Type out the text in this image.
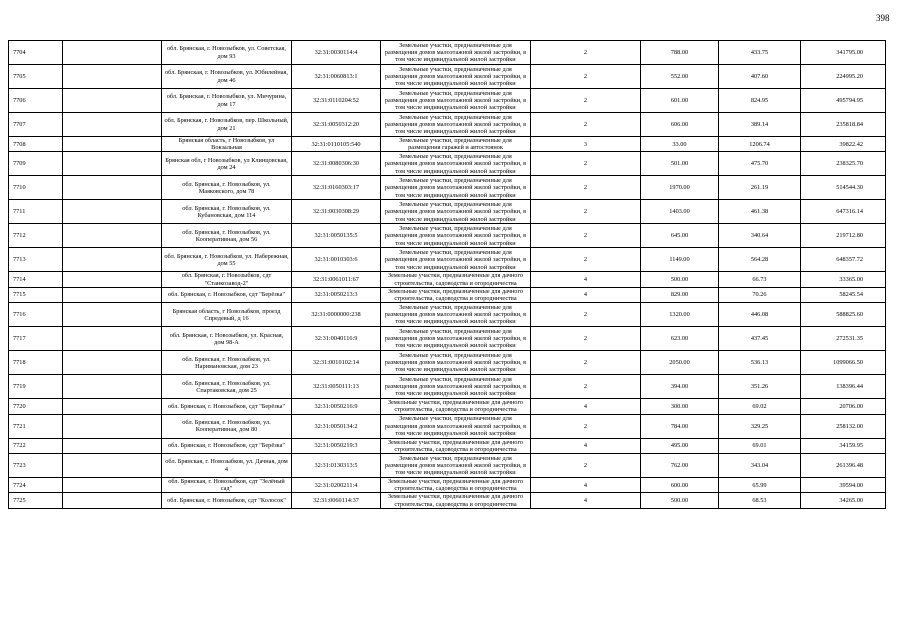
398
7704		обл. Брянская, г. Новозыбков, ул. Советская, дом 93	32:31:0030114:4	Земельные участки, предназначенные для размещения домов малоэтажной жилой застройки, в том числе индивидуальной жилой застройки	2	788.00	433.75	341795.00
7705		обл. Брянская, г. Новозыбков, ул. Юбилейная, дом 46	32:31:0060813:1	Земельные участки, предназначенные для размещения домов малоэтажной жилой застройки, в том числе индивидуальной жилой застройки	2	552.00	407.60	224995.20
7706		обл. Брянская, г. Новозыбков, ул. Мичурина, дом 17	32:31:0110204:52	Земельные участки, предназначенные для размещения домов малоэтажной жилой застройки, в том числе индивидуальной жилой застройки	2	601.00	824.95	495794.95
7707		обл. Брянская, г. Новозыбков, пер. Школьный, дом 21	32:31:0050312:20	Земельные участки, предназначенные для размещения домов малоэтажной жилой застройки, в том числе индивидуальной жилой застройки	2	606.00	389.14	235818.84
7708		Брянская область, г Новозыбков, ул Вокзальная	32:31:0110105:540	Земельные участки, предназначенные для размещения гаражей и автостоянок	3	33.00	1206.74	39822.42
7709		Брянская обл, г Новозыбков, ул Клинцовская, дом 24	32:31:0080306:30	Земельные участки, предназначенные для размещения домов малоэтажной жилой застройки, в том числе индивидуальной жилой застройки	2	501.00	475.70	238325.70
7710		обл. Брянская, г. Новозыбков, ул. Маяковского, дом 78	32:31:0160303:17	Земельные участки, предназначенные для размещения домов малоэтажной жилой застройки, в том числе индивидуальной жилой застройки	2	1970.00	261.19	514544.30
7711		обл. Брянская, г. Новозыбков, ул. Кубановская, дом 114	32:31:0030308:29	Земельные участки, предназначенные для размещения домов малоэтажной жилой застройки, в том числе индивидуальной жилой застройки	2	1403.00	461.38	647316.14
7712		обл. Брянская, г. Новозыбков, ул. Кооперативная, дом 56	32:31:0050135:5	Земельные участки, предназначенные для размещения домов малоэтажной жилой застройки, в том числе индивидуальной жилой застройки	2	645.00	340.64	219712.80
7713		обл. Брянская, г. Новозыбков, ул. Набережная, дом 55	32:31:0010303:6	Земельные участки, предназначенные для размещения домов малоэтажной жилой застройки, в том числе индивидуальной жилой застройки	2	1149.00	564.28	648357.72
7714		обл. Брянская, г. Новозыбков, сдт "Станкозавод-2"	32:31:0061011:67	Земельные участки, предназначенные для дачного строительства, садоводства и огородничества	4	500.00	66.73	33365.00
7715		обл. Брянская, г. Новозыбков, сдт "Берёзка"	32:31:0050213:3	Земельные участки, предназначенные для дачного строительства, садоводства и огородничества	4	829.00	70.26	58245.54
7716		Брянская область, г Новозыбков, проезд Спредевый, д 16	32:31:0000000:238	Земельные участки, предназначенные для размещения домов малоэтажной жилой застройки, в том числе индивидуальной жилой застройки	2	1320.00	446.08	588825.60
7717		обл. Брянская, г. Новозыбков, ул. Красная, дом 98-А	32:31:0040116:9	Земельные участки, предназначенные для размещения домов малоэтажной жилой застройки, в том числе индивидуальной жилой застройки	2	623.00	437.45	272531.35
7718		обл. Брянская, г. Новозыбков, ул. Наримановская, дом 23	32:31:0010102:14	Земельные участки, предназначенные для размещения домов малоэтажной жилой застройки, в том числе индивидуальной жилой застройки	2	2050.00	536.13	1099066.50
7719		обл. Брянская, г. Новозыбков, ул. Спартаковская, дом 25	32:31:0050111:13	Земельные участки, предназначенные для размещения домов малоэтажной жилой застройки, в том числе индивидуальной жилой застройки	2	394.00	351.26	138396.44
7720		обл. Брянская, г. Новозыбков, сдт "Берёзка"	32:31:0050216:9	Земельные участки, предназначенные для дачного строительства, садоводства и огородничества	4	300.00	69.02	20706.00
7721		обл. Брянская, г. Новозыбков, ул. Кооперативная, дом 80	32:31:0050134:2	Земельные участки, предназначенные для размещения домов малоэтажной жилой застройки, в том числе индивидуальной жилой застройки	2	784.00	329.25	258132.00
7722		обл. Брянская, г. Новозыбков, сдт "Берёзка"	32:31:0050219:3	Земельные участки, предназначенные для дачного строительства, садоводства и огородничества	4	495.00	69.01	34159.95
7723		обл. Брянская, г. Новозыбков, ул. Дачная, дом 4	32:31:0130313:5	Земельные участки, предназначенные для размещения домов малоэтажной жилой застройки, в том числе индивидуальной жилой застройки	2	762.00	343.04	261396.48
7724		обл. Брянская, г. Новозыбков, сдт "Зелёный сад"	32:31:0200211:4	Земельные участки, предназначенные для дачного строительства, садоводства и огородничества	4	600.00	65.99	39594.00
7725		обл. Брянская, г. Новозыбков, сдт "Колосок"	32:31:0060114:37	Земельные участки, предназначенные для дачного строительства, садоводства и огородничества	4	500.00	68.53	34265.00
